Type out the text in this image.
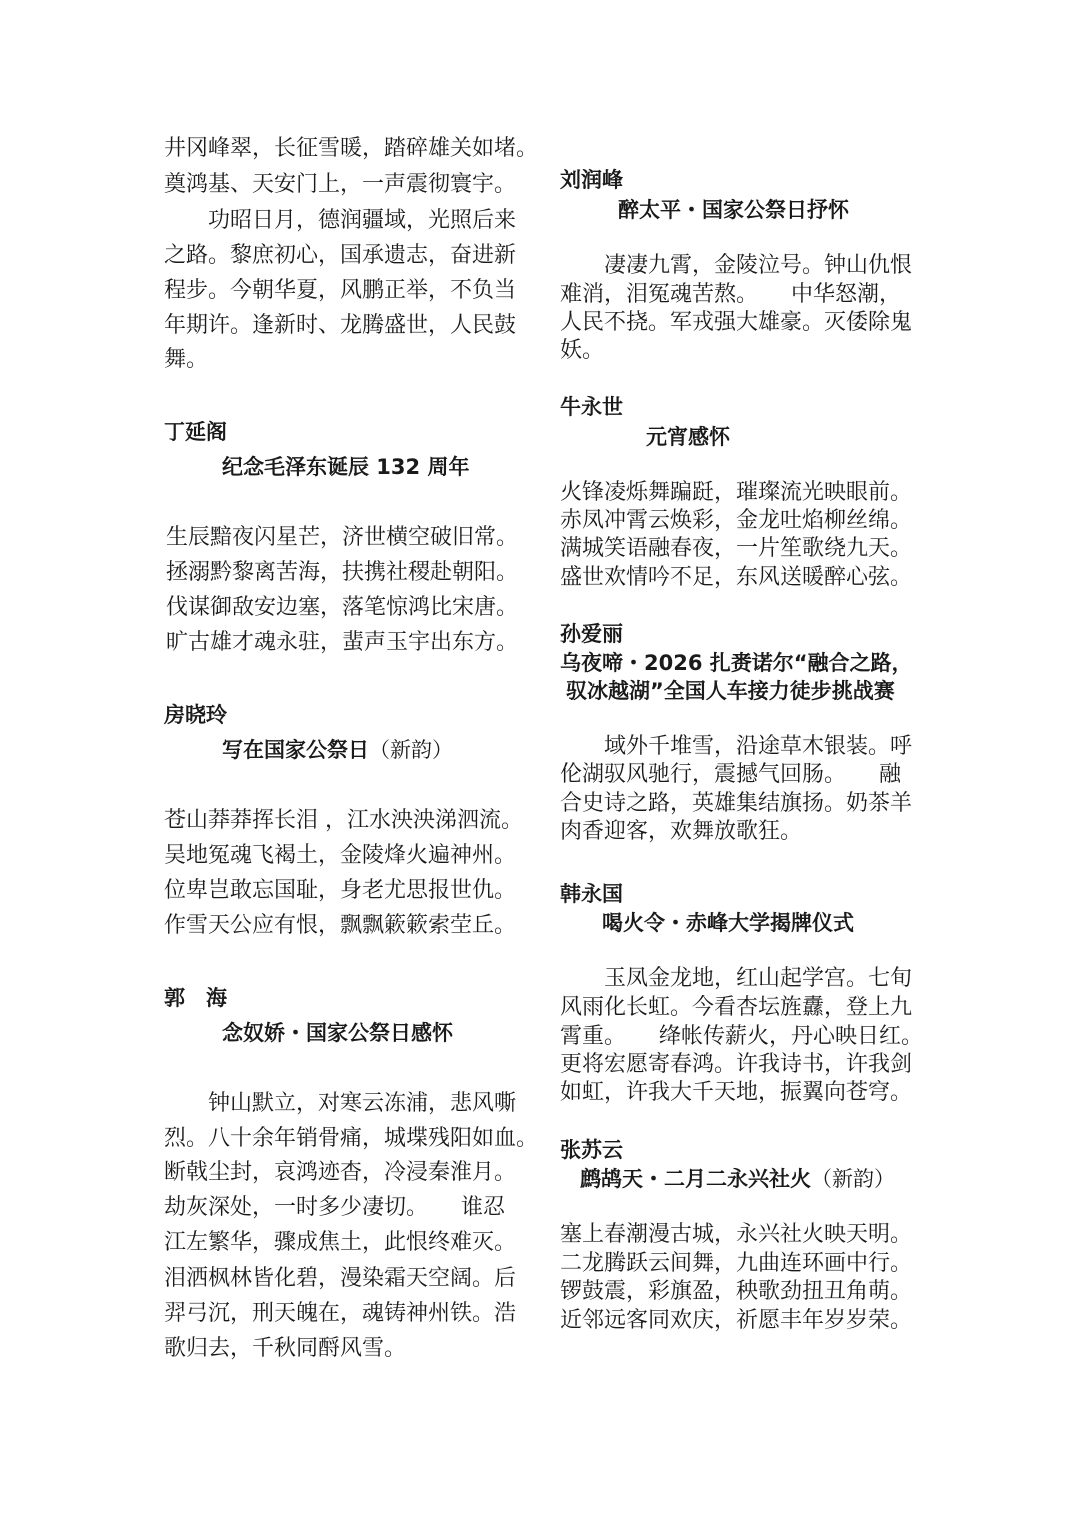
井冈峰翠，长征雪暖，踏碎雄关如堵。
奠鸿基、天安门上，一声震彻寰宇。
　　功昭日月，德润疆域，光照后来
之路。黎庶初心，国承遗志，奋进新
程步。今朝华夏，风鹏正举，不负当
年期许。逢新时、龙腾盛世，人民鼓
舞。
丁延阁
纪念毛泽东诞辰 132 周年
生辰黯夜闪星芒，济世横空破旧常。
拯溺黔黎离苦海，扶携社稷赴朝阳。
伐谋御敌安边塞，落笔惊鸿比宋唐。
旷古雄才魂永驻，蜚声玉宇出东方。
房晓玲
写在国家公祭日（新韵）
苍山莽莽挥长泪 ，江水泱泱涕泗流。
吴地冤魂飞褐土，金陵烽火遍神州。
位卑岂敢忘国耻，身老尤思报世仇。
作雪天公应有恨，飘飘簌簌索茔丘。
郭　海
念奴娇・国家公祭日感怀
　　钟山默立，对寒云冻浦，悲风嘶
烈。八十余年销骨痛，城堞残阳如血。
断戟尘封，哀鸿迹杳，冷浸秦淮月。
劫灰深处，一时多少凄切。　　谁忍
江左繁华，骤成焦土，此恨终难灭。
泪洒枫林皆化碧，漫染霜天空阔。后
羿弓沉，刑天魄在，魂铸神州铁。浩
歌归去，千秋同酹风雪。
刘润峰
醉太平・国家公祭日抒怀
　　凄凄九霄，金陵泣号。钟山仇恨
难消，泪冤魂苦熬。　　中华怒潮，
人民不挠。军戎强大雄豪。灭倭除鬼
妖。
牛永世
元宵感怀
火锋凌烁舞蹁跹，璀璨流光映眼前。
赤凤冲霄云焕彩，金龙吐焰柳丝绵。
满城笑语融春夜，一片笙歌绕九天。
盛世欢情吟不足，东风送暖醉心弦。
孙爱丽
乌夜啼・2026 扎赉诺尔“融合之路，
驭冰越湖”全国人车接力徒步挑战赛
　　域外千堆雪，沿途草木银装。呼
伦湖驭风驰行，震撼气回肠。　　融
合史诗之路，英雄集结旗扬。奶茶羊
肉香迎客，欢舞放歌狂。
韩永国
喝火令・赤峰大学揭牌仪式
　　玉凤金龙地，红山起学宫。七旬
风雨化长虹。今看杏坛旌纛，登上九
霄重。　　绛帐传薪火，丹心映日红。
更将宏愿寄春鸿。许我诗书，许我剑
如虹，许我大千天地，振翼向苍穹。
张苏云
鹧鸪天・二月二永兴社火（新韵）
塞上春潮漫古城，永兴社火映天明。
二龙腾跃云间舞，九曲连环画中行。
锣鼓震，彩旗盈，秧歌劲扭丑角萌。
近邻远客同欢庆，祈愿丰年岁岁荣。
